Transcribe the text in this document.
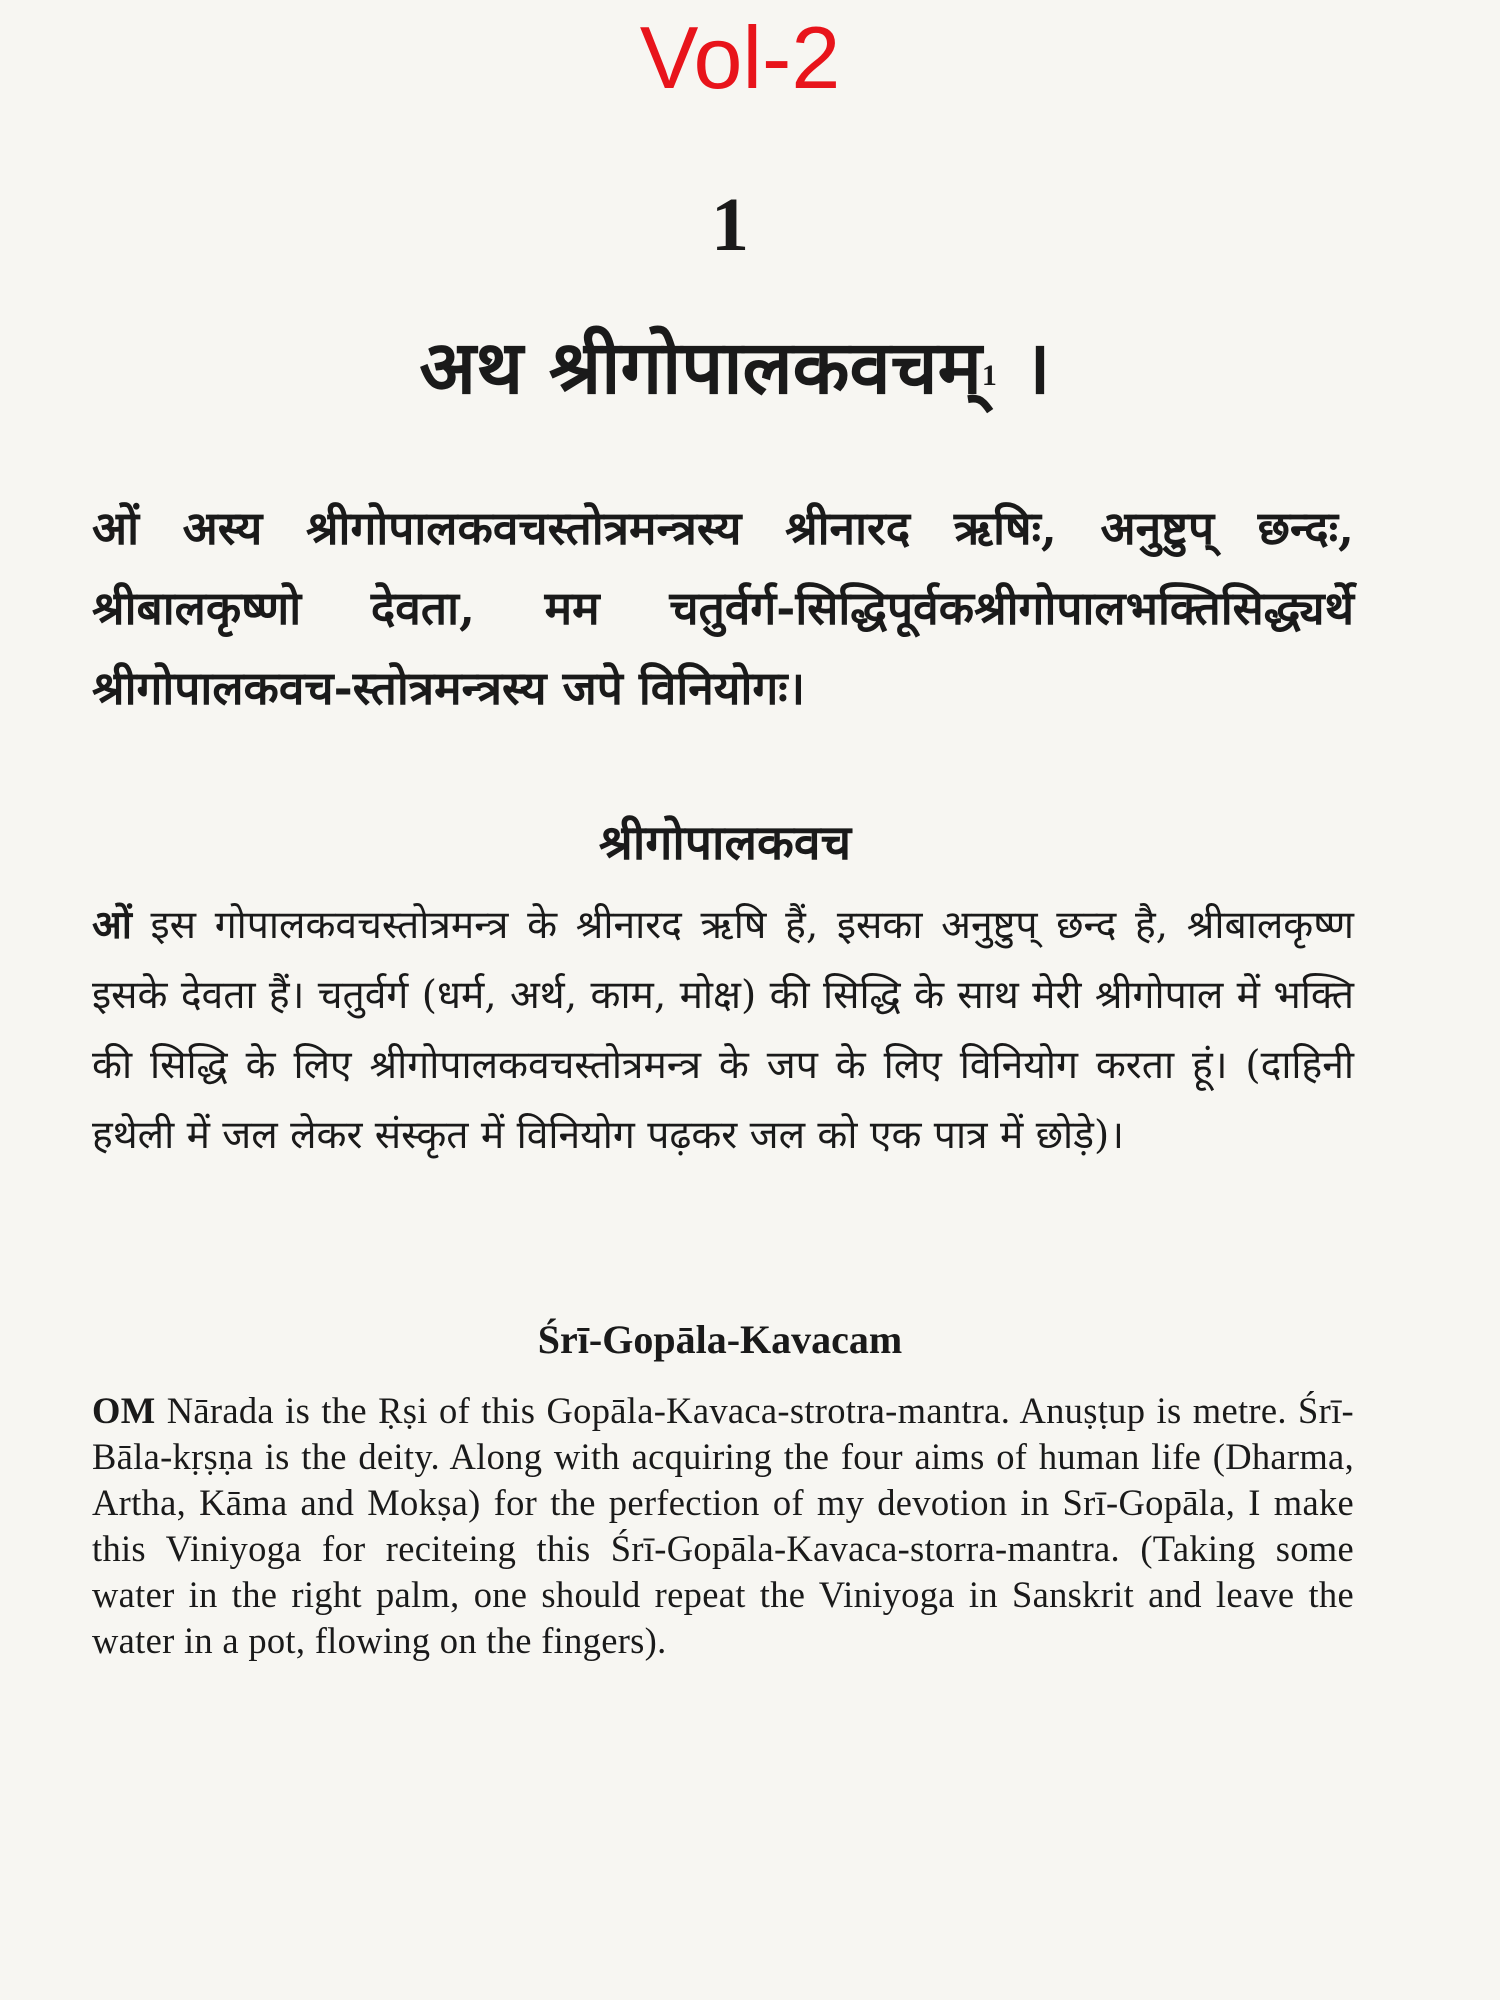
Vol-2
1
अथ श्रीगोपालकवचम्$^1$ ।
ओं अस्य श्रीगोपालकवचस्तोत्रमन्त्रस्य श्रीनारद ऋषिः, अनुष्टुप् छन्दः, श्रीबालकृष्णो देवता, मम चतुर्वर्ग-सिद्धिपूर्वकश्रीगोपालभक्तिसिद्ध्यर्थे श्रीगोपालकवच-स्तोत्रमन्त्रस्य जपे विनियोगः।
श्रीगोपालकवच
ओं इस गोपालकवचस्तोत्रमन्त्र के श्रीनारद ऋषि हैं, इसका अनुष्टुप् छन्द है, श्रीबालकृष्ण इसके देवता हैं। चतुर्वर्ग (धर्म, अर्थ, काम, मोक्ष) की सिद्धि के साथ मेरी श्रीगोपाल में भक्ति की सिद्धि के लिए श्रीगोपालकवचस्तोत्रमन्त्र के जप के लिए विनियोग करता हूं। (दाहिनी हथेली में जल लेकर संस्कृत में विनियोग पढ़कर जल को एक पात्र में छोड़े)।
Śrī-Gopāla-Kavacam
OM Nārada is the Ṛṣi of this Gopāla-Kavaca-strotra-mantra. Anuṣṭup is metre. Śrī-Bāla-kṛṣṇa is the deity. Along with acquiring the four aims of human life (Dharma, Artha, Kāma and Mokṣa) for the perfection of my devotion in Srī-Gopāla, I make this Viniyoga for reciteing this Śrī-Gopāla-Kavaca-storra-mantra. (Taking some water in the right palm, one should repeat the Viniyoga in Sanskrit and leave the water in a pot, flowing on the fingers).
